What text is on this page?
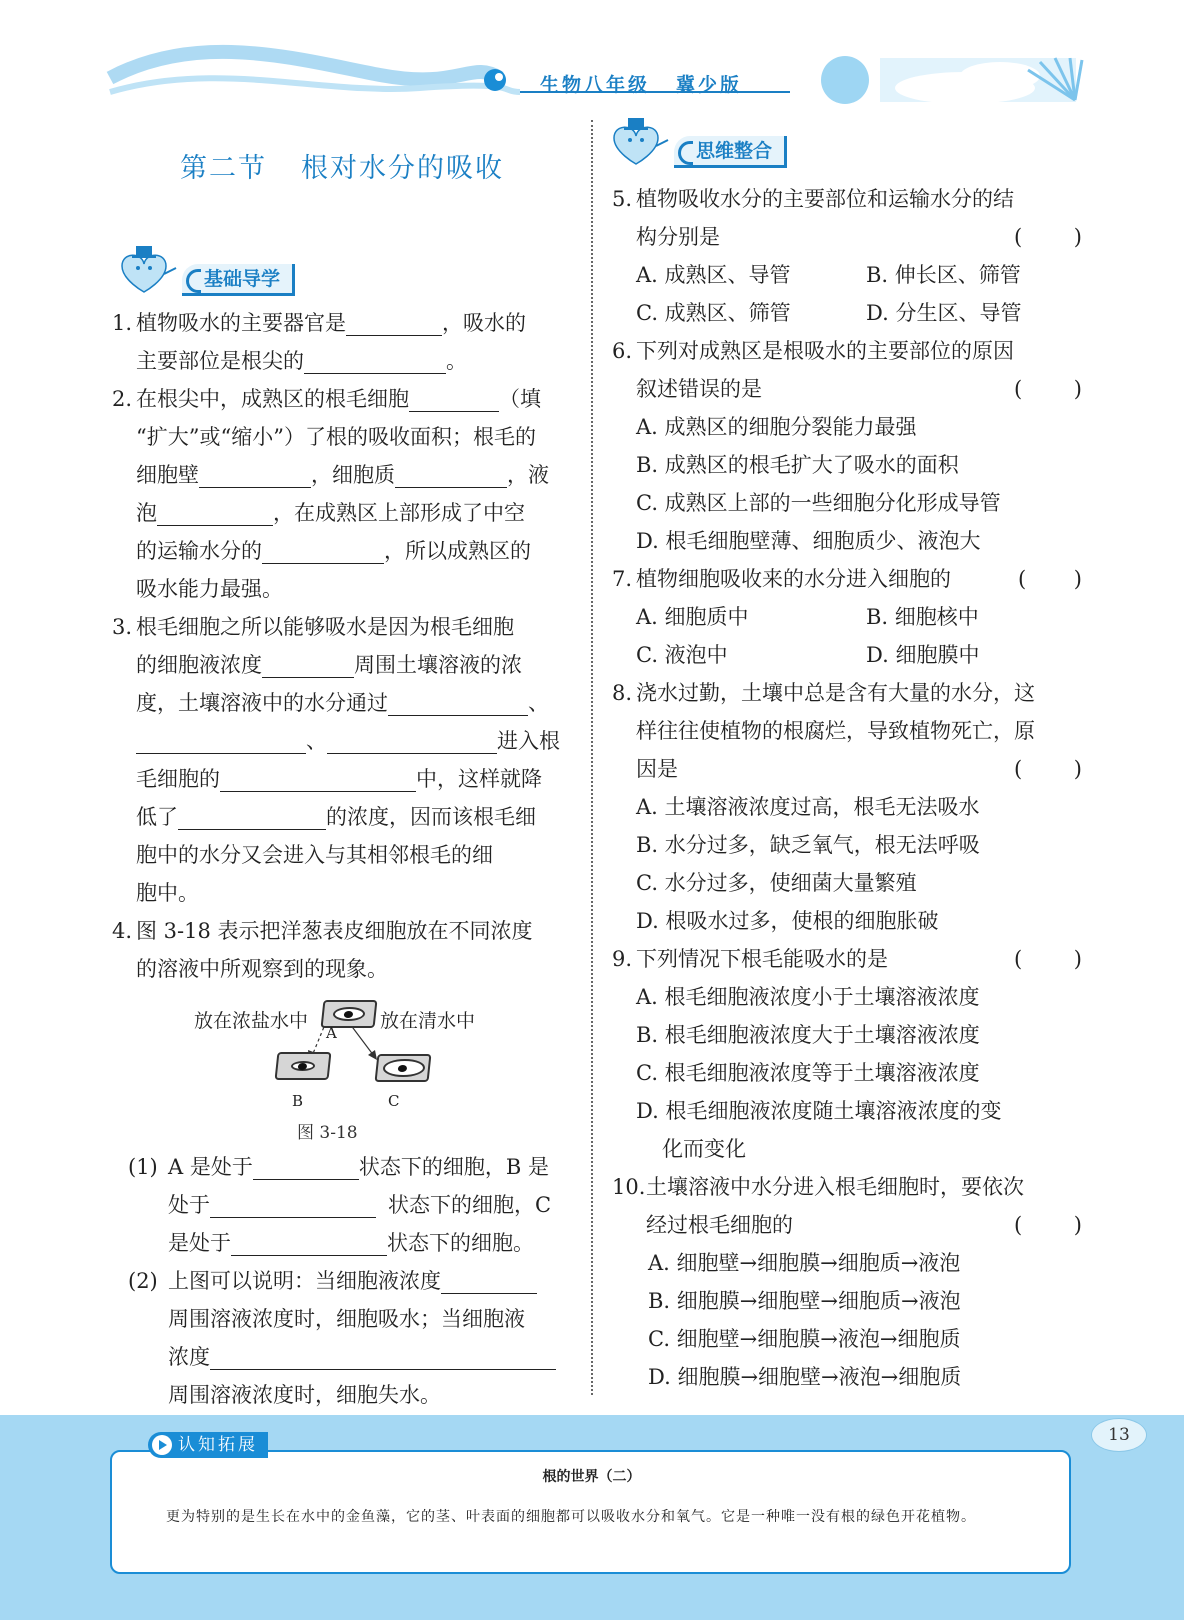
生物八年级 冀少版
第二节 根对水分的吸收
基础导学
1. 植物吸水的主要器官是	，吸水的
主要部位是根尖的	。
2. 在根尖中，成熟区的根毛细胞	（填
“扩大”或“缩小”）了根的吸收面积；根毛的
细胞壁	，细胞质	，液
泡	，在成熟区上部形成了中空
的运输水分的	，所以成熟区的
吸水能力最强。
3. 根毛细胞之所以能够吸水是因为根毛细胞
的细胞液浓度	周围土壤溶液的浓
度，土壤溶液中的水分通过	、
、	进入根
毛细胞的	中，这样就降
低了	的浓度，因而该根毛细
胞中的水分又会进入与其相邻根毛的细
胞中。
4. 图 3-18 表示把洋葱表皮细胞放在不同浓度
的溶液中所观察到的现象。
放在浓盐水中
A
放在清水中
B	C
图 3-18
(1) A 是处于	状态下的细胞，B 是
处于	状态下的细胞，C
是处于	状态下的细胞。
(2) 上图可以说明：当细胞液浓度
周围溶液浓度时，细胞吸水；当细胞液
浓度
周围溶液浓度时，细胞失水。
思维整合
5. 植物吸收水分的主要部位和运输水分的结
( )
构分别是
A. 成熟区、导管	B. 伸长区、筛管
C. 成熟区、筛管	D. 分生区、导管
6. 下列对成熟区是根吸水的主要部位的原因
( )
叙述错误的是
A. 成熟区的细胞分裂能力最强
B. 成熟区的根毛扩大了吸水的面积
C. 成熟区上部的一些细胞分化形成导管
D. 根毛细胞壁薄、细胞质少、液泡大
7. ( ) 植物细胞吸收来的水分进入细胞的
A. 细胞质中	B. 细胞核中
C. 液泡中	D. 细胞膜中
8. 浇水过勤，土壤中总是含有大量的水分，这
样往往使植物的根腐烂，导致植物死亡，原
( )
因是
A. 土壤溶液浓度过高，根毛无法吸水
B. 水分过多，缺乏氧气，根无法呼吸
C. 水分过多，使细菌大量繁殖
D. 根吸水过多，使根的细胞胀破
9. ( ) 下列情况下根毛能吸水的是
A. 根毛细胞液浓度小于土壤溶液浓度
B. 根毛细胞液浓度大于土壤溶液浓度
C. 根毛细胞液浓度等于土壤溶液浓度
D. 根毛细胞液浓度随土壤溶液浓度的变
化而变化
10. 土壤溶液中水分进入根毛细胞时，要依次
( )
经过根毛细胞的
A. 细胞壁→细胞膜→细胞质→液泡
B. 细胞膜→细胞壁→细胞质→液泡
C. 细胞壁→细胞膜→液泡→细胞质
D. 细胞膜→细胞壁→液泡→细胞质
13
根的世界（二）
更为特别的是生长在水中的金鱼藻，它的茎、叶表面的细胞都可以吸收水分和氧气。它是一种唯一没有根的绿色开花植物。
认知拓展
